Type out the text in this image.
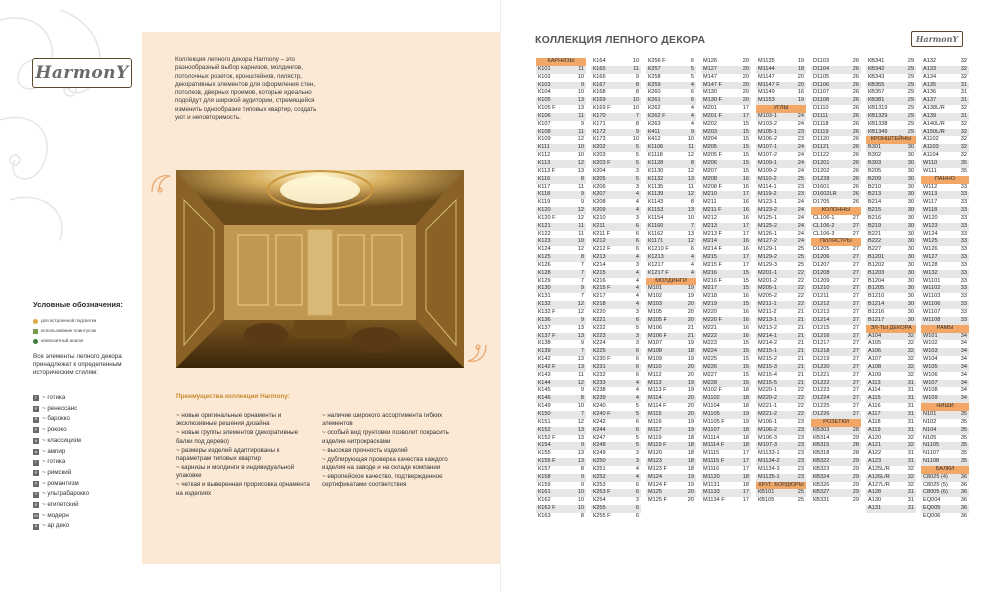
HarmonY
Коллекция лепного декора Harmony – это разнообразный выбор карнизов, молдингов, потолочных розеток, кронштейнов, пилястр, декоративных элементов для оформления стен, потолков, дверных проемов, которые идеально подойдут для широкой аудитории, стремящейся изменить однообразие типовых квартир, создать уют и неповторимость.
Условные обозначения:
для встроенной подсветки
использование плинтусом
композитный аналог
Все элементы лепного декора принадлежат к определенным историческим стилям:
Г ~ готика
Р ~ ренессанс
Б ~ барокко
Р ~ рококо
К ~ классицизм
А ~ ампир
Г ~ готика
Р ~ римский
Р ~ романтизм
У ~ ультрабарокко
Е ~ египетский
М ~ модерн
А ~ ар деко
Преимущества коллекции Harmony:

~ новые оригинальные орнаменты и эксклюзивные решения дизайна

~ новые группы элементов (декоративные балки под дерево)

~ размеры изделий адаптированы к параметрам типовых квартир

~ карнизы и молдинги в индивидуальной упаковке

~ четкая и выверенная прорисовка орнамента на изделиях

~ наличие широкого ассортимента гибких элементов

~ особый вид грунтовки позволит покрасить изделие нитрокрасками

~ высокая прочность изделий

~ дублирующая проверка качества каждого изделия на заводе и на складе компании

~ европейское качество, подтвержденное сертификатами соответствия

КОЛЛЕКЦИЯ ЛЕПНОГО ДЕКОРА	HarmonY
КАРНИЗЫ
К101	11
К102	10
К103	9
К104	10
К105	13
К105 F	13
К106	11
К107	9
К108	11
К109	12
К111	10
К112	10
К113	12
К113 F	13
К116	8
К117	11
К118	9
К119	9
К120	12
К120 F	12
К121	11
К122	11
К123	10
К124	12
К125	8
К126	7
К128	7
К129	7
К130	9
К131	7
К132	12
К132 F	12
К136	9
К137	13
К137 F	13
К138	9
К139	7
К142	13
К142 F	13
К143	11
К144	12
К145	9
К146	8
К149	10
К150	7
К151	12
К152	13
К152 F	13
К154	9
К155	13
К155 F	13
К157	8
К158	9
К159	9
К161	10
К162	10
К162 F	10
К163	8
К164	10
К165	11
К166	9
К167	8
К168	8
К169	10
К169 F	10
К170	7
К171	8
К172	9
К173	10
К202	5
К203	5
К203 F	5
К204	3
К205	5
К206	3
К207	4
К208	4
К209	4
К210	3
К211	6
К211 F	6
К212	6
К212 F	6
К213	4
К214	3
К215	4
К216	4
К215 F	4
К217	4
К218	4
К220	3
К221	6
К222	5
К223	3
К224	3
К225	6
К230 F	6
К231	6
К232	6
К233	4
К238	4
К239	4
К240	5
К240 F	5
К242	6
К244	6
К247	5
К248	5
К249	3
К250	3
К251	4
К252	4
К253	6
К253 F	6
К254	3
К255	6
К255 F	6
К256 F	6
К257	5
К258	5
К259	4
К260	6
К261	6
К262	4
К262 F	4
К263	4
К411	9
К412	10
К1106	11
К1118	12
К1128	8
К1130	12
К1132	13
К1135	11
К1139	12
К1143	8
К1153	13
К1154	10
К1160	7
К1162	13
К1171	12
К1210 F	6
К1213	4
К1217	4
К1217 F	4
МОЛДИНГИ
М101	19
М102	19
М103	20
М105	20
М105 F	20
М106	21
М106 F	21
М107	19
М108	18
М109	19
М110	20
М112	20
М113	19
М113 F	19
М114	20
М114 F	20
М115	20
М116	19
М117	19
М119	18
М119 F	18
М120	18
М123	18
М123 F	18
М124	19
М124 F	19
М125	20
М125 F	20
М126	20
М127	20
М147	20
М147 F	20
М130	20
М130 F	20
М201	17
М201 F	17
М202	15
М203	15
М204	15
М205	15
М205 F	15
М206	15
М207	15
М208	16
М208 F	16
М210	17
М211	16
М211 F	16
М212	16
М213	17
М213 F	17
М214	16
М214 F	16
М215	17
М215 F	17
М216	15
М216 F	15
М217	15
М218	16
М219	15
М220	16
М220 F	16
М221	16
М222	16
М223	15
М224	15
М225	15
М226	15
М227	15
М228	15
М102 F	18
М1102	18
М1104	18
М1105	19
М1105 F	19
М1107	18
М1114	18
М1114 F	18
М1115	17
М1115 F	17
М1116	17
М1120	18
М1131	18
М1133	17
М1134 F	17
М1135	19
М1144	18
М1147	20
М1147 F	20
М1149	16
М1153	19
УГЛЫ
М103-1	24
М103-2	24
М105-1	23
М106-2	23
М107-1	24
М107-2	24
М109-1	24
М109-2	24
М110-2	25
М114-1	23
М119-2	23
М123-1	24
М123-2	24
М125-1	24
М125-2	24
М126-1	24
М127-2	24
М129-1	25
М129-2	25
М129-3	25
М201-1	22
М201-2	22
М205-1	22
М205-2	22
М211-1	22
М211-2	21
М213-1	21
М213-2	21
М214-1	21
М214-2	21
М215-1	21
М215-2	21
М215-3	21
М215-4	21
М215-5	21
М220-1	22
М220-2	22
М221-1	22
М221-2	22
М106-1	23
М106-2	23
М106-3	23
М107-3	23
М1133-1	23
М1134-2	23
М1134-3	23
М1135-1	23
КРУГ. БОРДЮРЫ
КВ101	25
КВ105	25
D1103	26
D1104	26
D1105	26
D1106	26
D1107	26
D1108	26
D1110	26
D1111	26
D1118	26
D1119	26
D1120	26
D1121	26
D1122	26
D1201	26
D1202	26
D1228	26
D1601	26
D1602LR	26
D1705	26
КОЛОННЫ
CL106-1	27
CL106-2	27
CL106-3	27
ПИЛЯСТРЫ
D1205	27
D1206	27
D1207	27
D1208	27
D1209	27
D1210	27
D1211	27
D1212	27
D1213	27
D1214	27
D1215	27
D1216	27
D1217	27
D1218	27
D1219	27
D1220	27
D1221	27
D1222	27
D1223	27
D1224	27
D1225	27
D1226	27
РОЗЕТКИ
КВ303	28
КВ314	29
КВ315	28
КВ318	28
КВ322	29
КВ323	29
КВ324	29
КВ326	29
КВ327	29
КВ331	29
КВ341	29
КВ342	29
КВ343	29
КВ355	29
КВ357	29
КВ381	29
КВ1319	29
КВ1329	29
КВ1338	29
КВ1349	29
КРОНШТЕЙНЫ
В301	30
В302	30
В303	30
В205	30
В209	30
В210	30
В213	30
В214	30
В215	30
В216	30
В219	30
В221	30
В222	30
В227	30
В1201	30
В1202	30
В1203	30
В1204	30
В1205	30
В1210	30
В1214	30
В1216	30
В1217	30
ЭЛ-ТЫ ДЕКОРА
А104	32
А105	32
А106	32
А107	32
А108	32
А109	32
А113	31
А114	31
А115	31
А116	31
А117	31
А118	31
А119	31
А120	32
А121	32
А122	31
А123	31
А125L/R	32
А126L/R	32
А127L/R	32
А128	31
А130	31
А131	31
А132	32
А133	32
А134	32
А135	31
А136	31
А137	31
А138L/R	32
А139	31
А140L/R	32
А150L/R	32
А1102	32
А1103	32
А1104	32
W110	35
W111	35
ПАННО
W112	33
W113	33
W117	33
W118	33
W120	33
W123	33
W124	33
W125	33
W126	33
W127	33
W128	33
W132	33
W1101	33
W1102	33
W1103	33
W1106	33
W1107	33
W1108	33
РАМЫ
W101	34
W102	34
W103	34
W104	34
W105	34
W106	34
W107	34
W108	34
W109	34
НИШИ
N101	35
N102	35
N104	35
N105	35
N1105	35
N1107	35
N1108	35
БАЛКИ
С8025 (4)	36
С8025 (5)	36
С8005 (6)	36
ЕQ004	36
ЕQ005	36
ЕQ006	36
